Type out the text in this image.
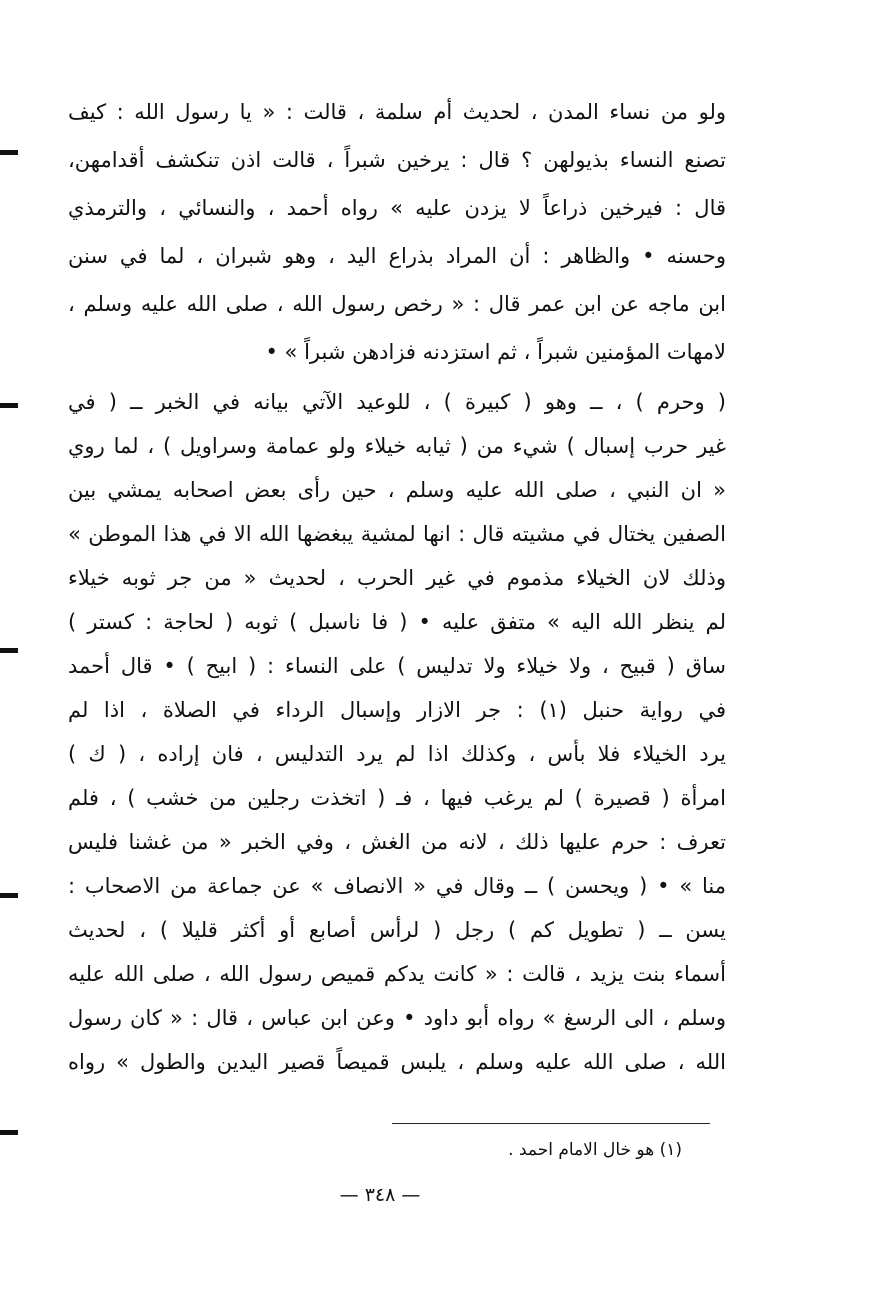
ولو من نساء المدن ، لحديث أم سلمة ، قالت : « يا رسول الله : كيف
تصنع النساء بذيولهن ؟ قال : يرخين شبراً ، قالت اذن تنكشف أقدامهن،
قال : فيرخين ذراعاً لا يزدن عليه » رواه أحمد ، والنسائي ، والترمذي
وحسنه • والظاهر : أن المراد بذراع اليد ، وهو شبران ، لما في سنن
ابن ماجه عن ابن عمر قال : « رخص رسول الله ، صلى الله عليه وسلم ،
لامهات المؤمنين شبراً ، ثم استزدنه فزادهن شبراً » •
( وحرم ) ، ــ وهو ( كبيرة ) ، للوعيد الآتي بيانه في الخبر ــ ( في
غير حرب إسبال ) شيء من ( ثيابه خيلاء ولو عمامة وسراويل ) ، لما روي
« ان النبي ، صلى الله عليه وسلم ، حين رأى بعض اصحابه يمشي بين
الصفين يختال في مشيته قال : انها لمشية يبغضها الله الا في هذا الموطن »
وذلك لان الخيلاء مذموم في غير الحرب ، لحديث « من جر ثوبه خيلاء
لم ينظر الله اليه » متفق عليه • ( فا ناسبل ) ثوبه ( لحاجة : كستر )
ساق ( قبيح ، ولا خيلاء ولا تدليس ) على النساء : ( ابيح ) • قال أحمد
في رواية حنبل (١) : جر الازار وإسبال الرداء في الصلاة ، اذا لم
يرد الخيلاء فلا بأس ، وكذلك اذا لم يرد التدليس ، فان إراده ، ( ك )
امرأة ( قصيرة ) لم يرغب فيها ، فـ ( اتخذت رجلين من خشب ) ، فلم
تعرف : حرم عليها ذلك ، لانه من الغش ، وفي الخبر « من غشنا فليس
منا » • ( ويحسن ) ــ وقال في « الانصاف » عن جماعة من الاصحاب :
يسن ــ ( تطويل كم ) رجل ( لرأس أصابع أو أكثر قليلا ) ، لحديث
أسماء بنت يزيد ، قالت : « كانت يدكم قميص رسول الله ، صلى الله عليه
وسلم ، الى الرسغ » رواه أبو داود • وعن ابن عباس ، قال : « كان رسول
الله ، صلى الله عليه وسلم ، يلبس قميصاً قصير اليدين والطول » رواه
(١) هو خال الامام احمد .
— ٣٤٨ —
